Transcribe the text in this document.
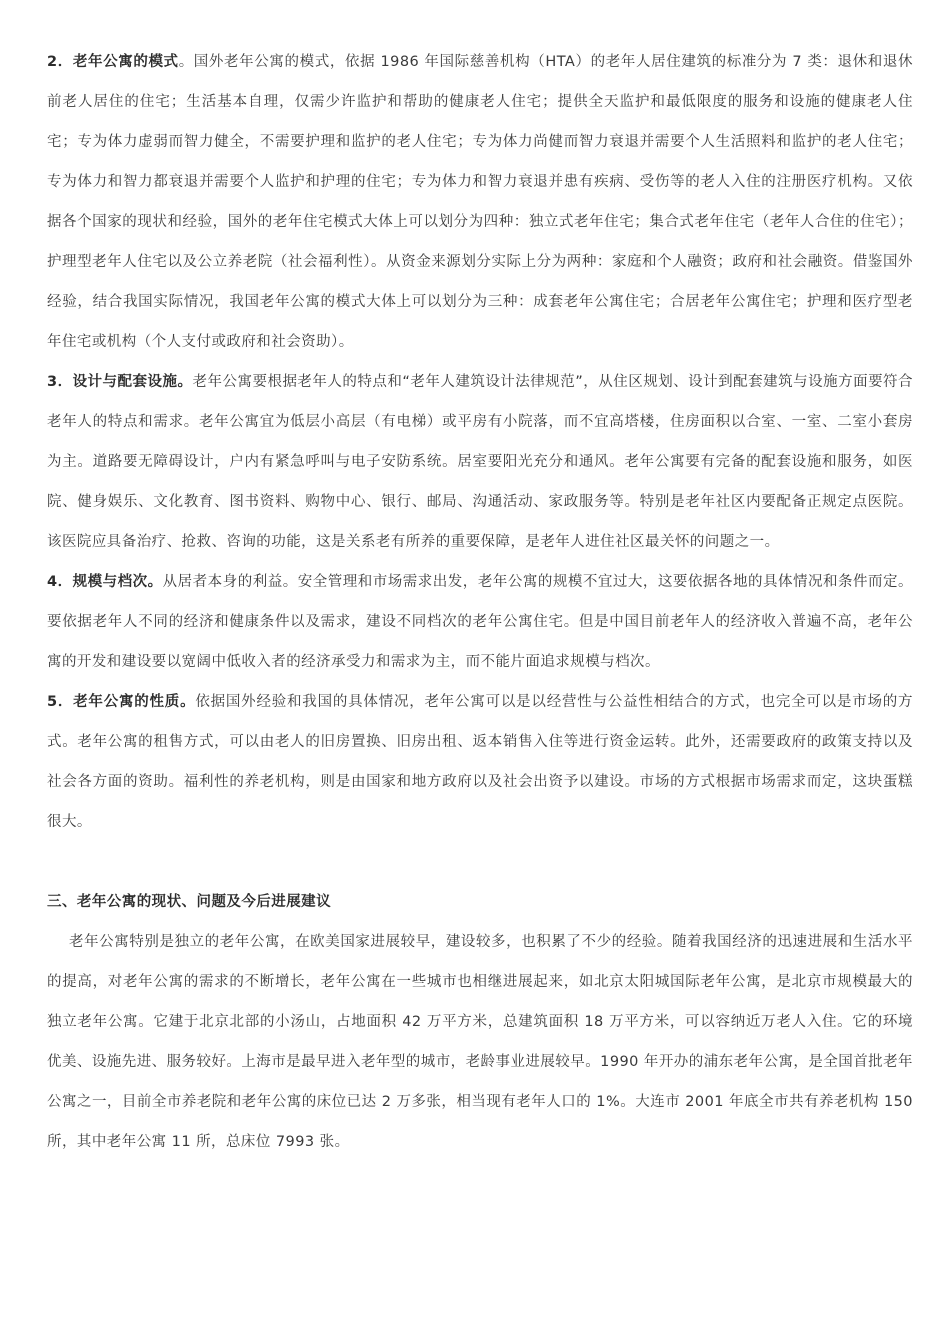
2．老年公寓的模式。国外老年公寓的模式，依据 1986 年国际慈善机构（HTA）的老年人居住建筑的标准分为 7 类：退休和退休前老人居住的住宅；生活基本自理，仅需少许监护和帮助的健康老人住宅；提供全天监护和最低限度的服务和设施的健康老人住宅；专为体力虚弱而智力健全，不需要护理和监护的老人住宅；专为体力尚健而智力衰退并需要个人生活照料和监护的老人住宅；专为体力和智力都衰退并需要个人监护和护理的住宅；专为体力和智力衰退并患有疾病、受伤等的老人入住的注册医疗机构。又依据各个国家的现状和经验，国外的老年住宅模式大体上可以划分为四种：独立式老年住宅；集合式老年住宅（老年人合住的住宅）；护理型老年人住宅以及公立养老院（社会福利性）。从资金来源划分实际上分为两种：家庭和个人融资；政府和社会融资。借鉴国外经验，结合我国实际情况，我国老年公寓的模式大体上可以划分为三种：成套老年公寓住宅；合居老年公寓住宅；护理和医疗型老年住宅或机构（个人支付或政府和社会资助）。

3．设计与配套设施。老年公寓要根据老年人的特点和“老年人建筑设计法律规范”，从住区规划、设计到配套建筑与设施方面要符合老年人的特点和需求。老年公寓宜为低层小高层（有电梯）或平房有小院落，而不宜高塔楼，住房面积以合室、一室、二室小套房为主。道路要无障碍设计，户内有紧急呼叫与电子安防系统。居室要阳光充分和通风。老年公寓要有完备的配套设施和服务，如医院、健身娱乐、文化教育、图书资料、购物中心、银行、邮局、沟通活动、家政服务等。特别是老年社区内要配备正规定点医院。该医院应具备治疗、抢救、咨询的功能，这是关系老有所养的重要保障，是老年人进住社区最关怀的问题之一。

4．规模与档次。从居者本身的利益。安全管理和市场需求出发，老年公寓的规模不宜过大，这要依据各地的具体情况和条件而定。要依据老年人不同的经济和健康条件以及需求，建设不同档次的老年公寓住宅。但是中国目前老年人的经济收入普遍不高，老年公寓的开发和建设要以宽阔中低收入者的经济承受力和需求为主，而不能片面追求规模与档次。

5．老年公寓的性质。依据国外经验和我国的具体情况，老年公寓可以是以经营性与公益性相结合的方式，也完全可以是市场的方式。老年公寓的租售方式，可以由老人的旧房置换、旧房出租、返本销售入住等进行资金运转。此外，还需要政府的政策支持以及社会各方面的资助。福利性的养老机构，则是由国家和地方政府以及社会出资予以建设。市场的方式根据市场需求而定，这块蛋糕很大。

三、老年公寓的现状、问题及今后进展建议

老年公寓特别是独立的老年公寓，在欧美国家进展较早，建设较多，也积累了不少的经验。随着我国经济的迅速进展和生活水平的提高，对老年公寓的需求的不断增长，老年公寓在一些城市也相继进展起来，如北京太阳城国际老年公寓，是北京市规模最大的独立老年公寓。它建于北京北部的小汤山，占地面积 42 万平方米，总建筑面积 18 万平方米，可以容纳近万老人入住。它的环境优美、设施先进、服务较好。上海市是最早进入老年型的城市，老龄事业进展较早。1990 年开办的浦东老年公寓，是全国首批老年公寓之一，目前全市养老院和老年公寓的床位已达 2 万多张，相当现有老年人口的 1%。大连市 2001 年底全市共有养老机构 150 所，其中老年公寓 11 所，总床位 7993 张。
